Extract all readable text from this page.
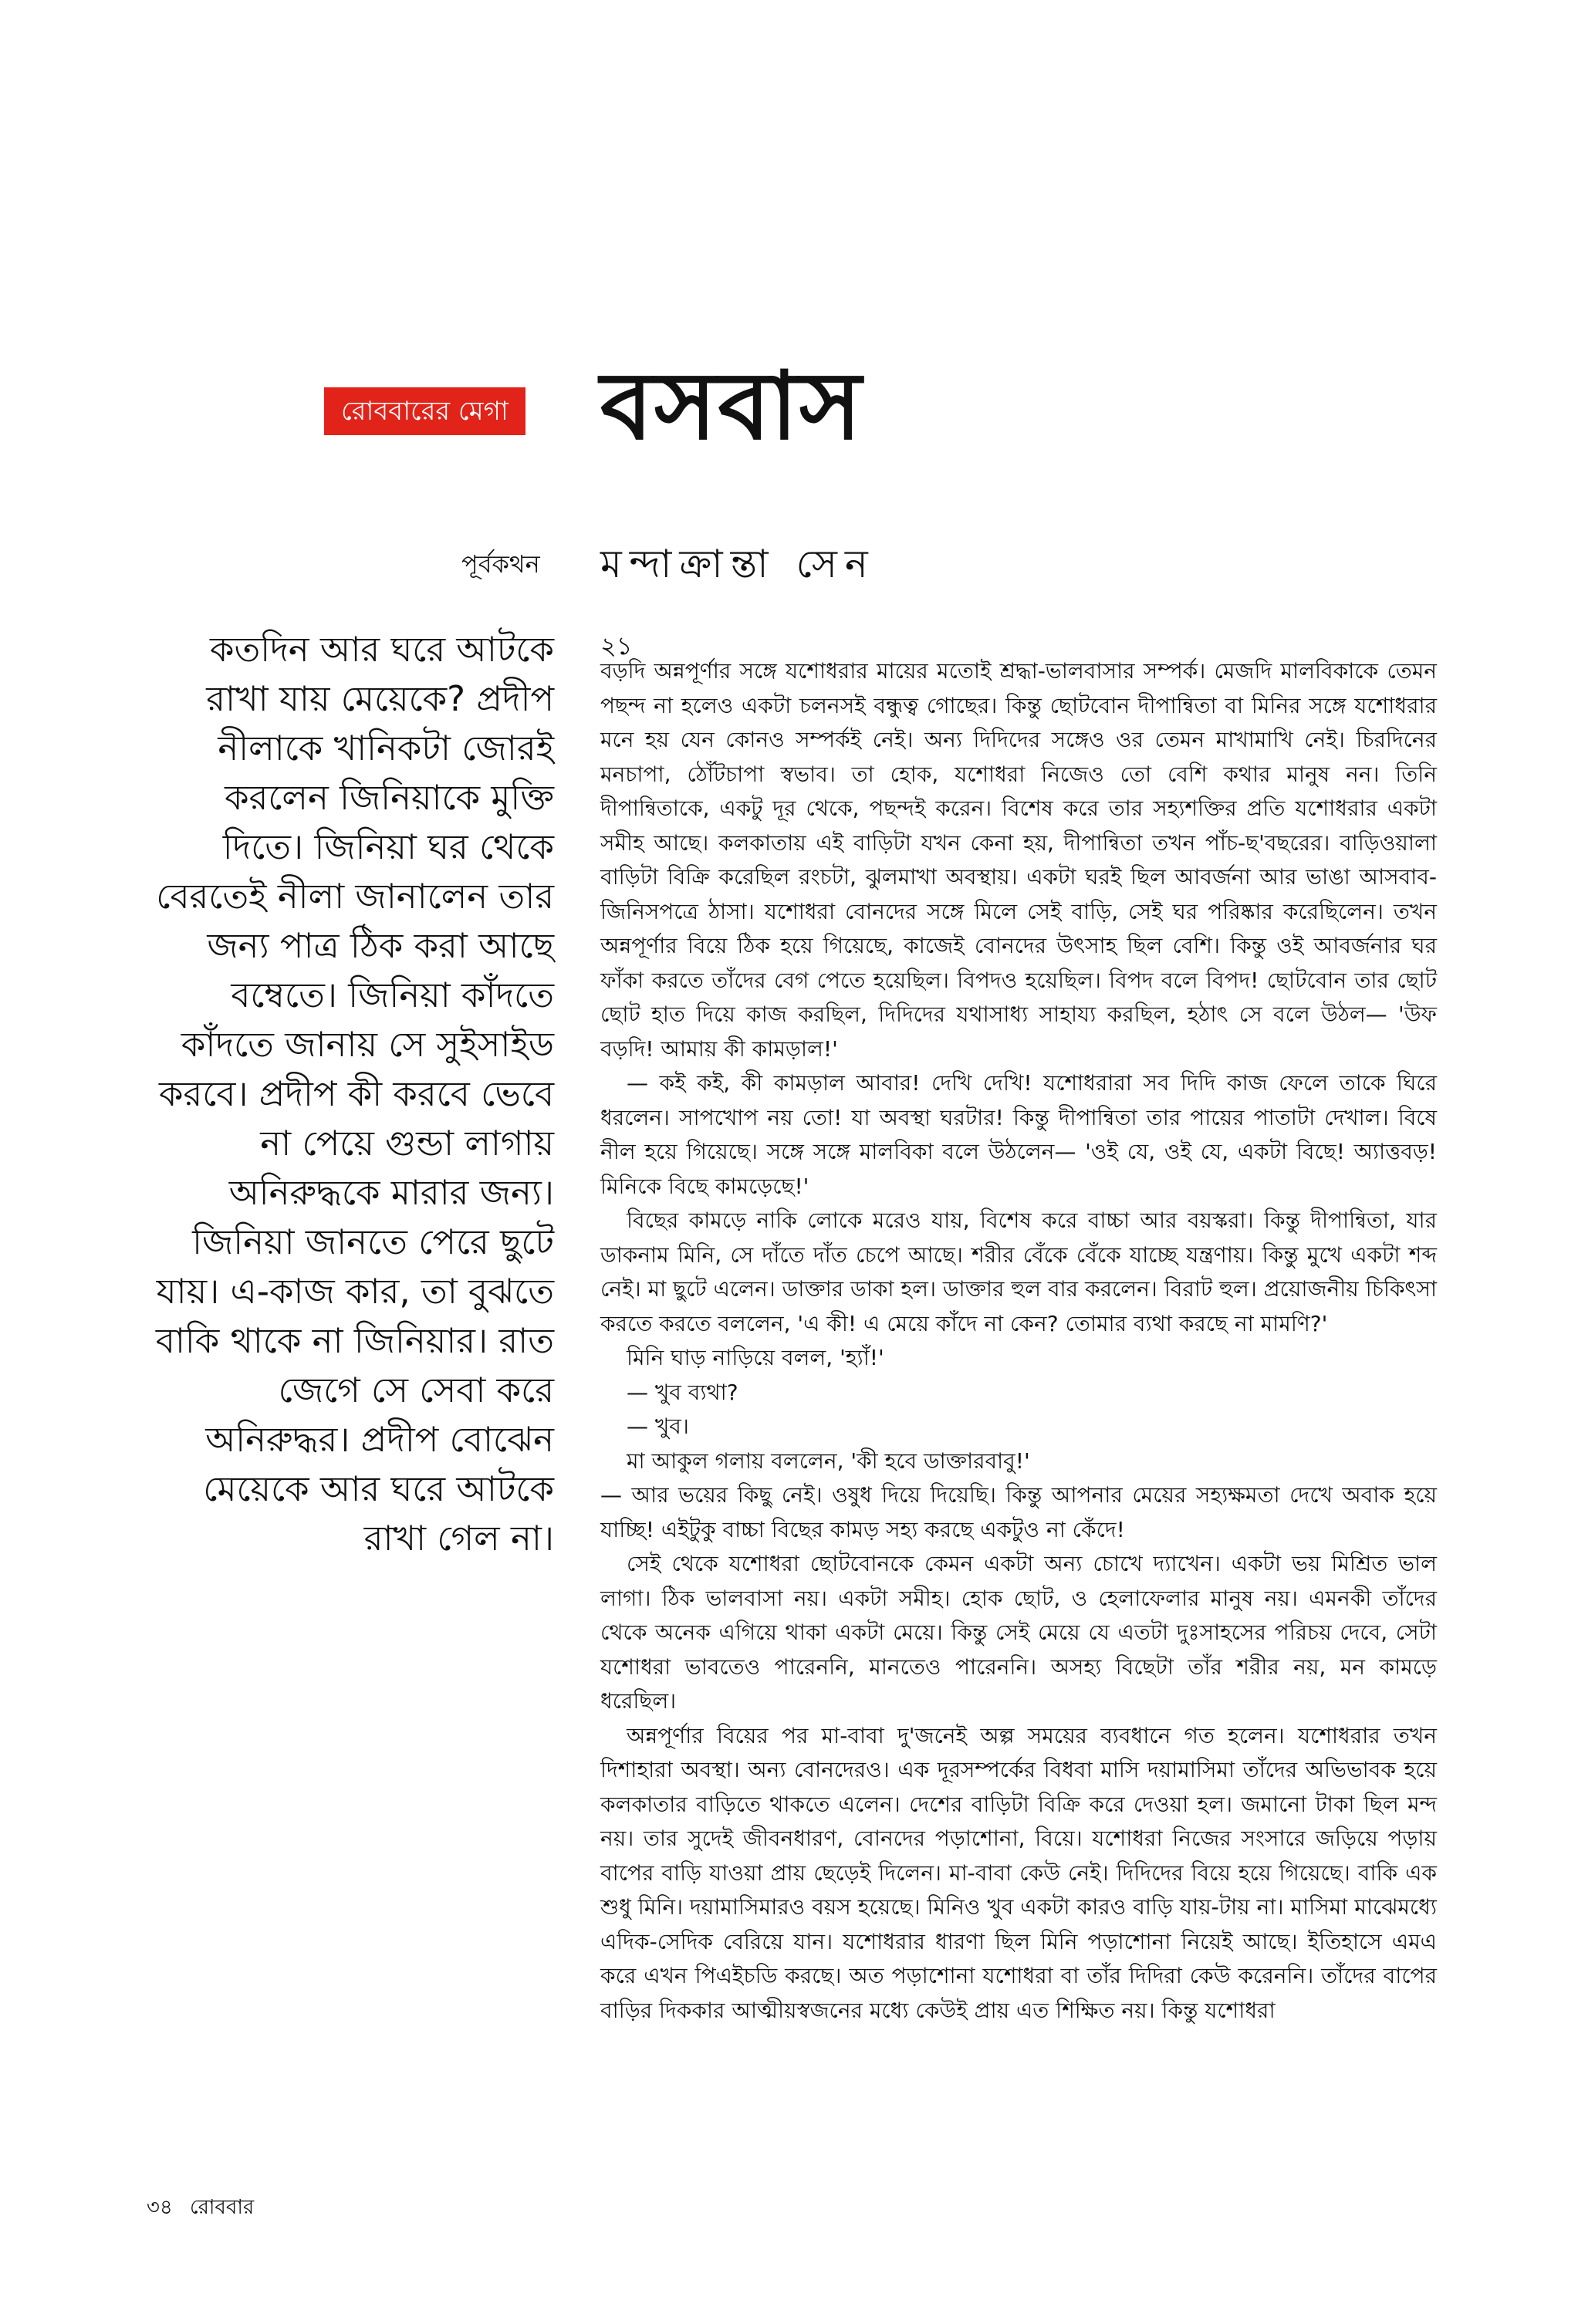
রোববারের মেগা বসবাস
পূর্বকথন মন্দাক্রান্তা সেন
কতদিন আর ঘরে আটকে রাখা যায় মেয়েকে? প্রদীপ নীলাকে খানিকটা জোরই করলেন জিনিয়াকে মুক্তি দিতে। জিনিয়া ঘর থেকে বেরতেই নীলা জানালেন তার জন্য পাত্র ঠিক করা আছে বম্বেতে। জিনিয়া কাঁদতে কাঁদতে জানায় সে সুইসাইড করবে। প্রদীপ কী করবে ভেবে না পেয়ে গুন্ডা লাগায় অনিরুদ্ধকে মারার জন্য। জিনিয়া জানতে পেরে ছুটে যায়। এ-কাজ কার, তা বুঝতে বাকি থাকে না জিনিয়ার। রাত জেগে সে সেবা করে অনিরুদ্ধর। প্রদীপ বোঝেন মেয়েকে আর ঘরে আটকে রাখা গেল না।
২১

বড়দি অন্নপূর্ণার সঙ্গে যশোধরার মায়ের মতোই শ্রদ্ধা-ভালবাসার সম্পর্ক। মেজদি মালবিকাকে তেমন পছন্দ না হলেও একটা চলনসই বন্ধুত্ব গোছের। কিন্তু ছোটবোন দীপান্বিতা বা মিনির সঙ্গে যশোধরার মনে হয় যেন কোনও সম্পর্কই নেই। অন্য দিদিদের সঙ্গেও ওর তেমন মাখামাখি নেই। চিরদিনের মনচাপা, ঠোঁটচাপা স্বভাব। তা হোক, যশোধরা নিজেও তো বেশি কথার মানুষ নন। তিনি দীপান্বিতাকে, একটু দূর থেকে, পছন্দই করেন। বিশেষ করে তার সহ্যশক্তির প্রতি যশোধরার একটা সমীহ আছে। কলকাতায় এই বাড়িটা যখন কেনা হয়, দীপান্বিতা তখন পাঁচ-ছ'বছরের। বাড়িওয়ালা বাড়িটা বিক্রি করেছিল রংচটা, ঝুলমাখা অবস্থায়। একটা ঘরই ছিল আবর্জনা আর ভাঙা আসবাব-জিনিসপত্রে ঠাসা। যশোধরা বোনদের সঙ্গে মিলে সেই বাড়ি, সেই ঘর পরিষ্কার করেছিলেন। তখন অন্নপূর্ণার বিয়ে ঠিক হয়ে গিয়েছে, কাজেই বোনদের উৎসাহ ছিল বেশি। কিন্তু ওই আবর্জনার ঘর ফাঁকা করতে তাঁদের বেগ পেতে হয়েছিল। বিপদও হয়েছিল। বিপদ বলে বিপদ! ছোটবোন তার ছোট ছোট হাত দিয়ে কাজ করছিল, দিদিদের যথাসাধ্য সাহায্য করছিল, হঠাৎ সে বলে উঠল— 'উফ বড়দি! আমায় কী কামড়াল!'

— কই কই, কী কামড়াল আবার! দেখি দেখি! যশোধরারা সব দিদি কাজ ফেলে তাকে ঘিরে ধরলেন। সাপখোপ নয় তো! যা অবস্থা ঘরটার! কিন্তু দীপান্বিতা তার পায়ের পাতাটা দেখাল। বিষে নীল হয়ে গিয়েছে। সঙ্গে সঙ্গে মালবিকা বলে উঠলেন— 'ওই যে, ওই যে, একটা বিছে! অ্যাত্তবড়! মিনিকে বিছে কামড়েছে!'

বিছের কামড়ে নাকি লোকে মরেও যায়, বিশেষ করে বাচ্চা আর বয়স্করা। কিন্তু দীপান্বিতা, যার ডাকনাম মিনি, সে দাঁতে দাঁত চেপে আছে। শরীর বেঁকে বেঁকে যাচ্ছে যন্ত্রণায়। কিন্তু মুখে একটা শব্দ নেই। মা ছুটে এলেন। ডাক্তার ডাকা হল। ডাক্তার হুল বার করলেন। বিরাট হুল। প্রয়োজনীয় চিকিৎসা করতে করতে বললেন, 'এ কী! এ মেয়ে কাঁদে না কেন? তোমার ব্যথা করছে না মামণি?'

মিনি ঘাড় নাড়িয়ে বলল, 'হ্যাঁ!'

— খুব ব্যথা?

— খুব।

মা আকুল গলায় বললেন, 'কী হবে ডাক্তারবাবু!'

— আর ভয়ের কিছু নেই। ওষুধ দিয়ে দিয়েছি। কিন্তু আপনার মেয়ের সহ্যক্ষমতা দেখে অবাক হয়ে যাচ্ছি! এইটুকু বাচ্চা বিছের কামড় সহ্য করছে একটুও না কেঁদে!

সেই থেকে যশোধরা ছোটবোনকে কেমন একটা অন্য চোখে দ্যাখেন। একটা ভয় মিশ্রিত ভাল লাগা। ঠিক ভালবাসা নয়। একটা সমীহ। হোক ছোট, ও হেলাফেলার মানুষ নয়। এমনকী তাঁদের থেকে অনেক এগিয়ে থাকা একটা মেয়ে। কিন্তু সেই মেয়ে যে এতটা দুঃসাহসের পরিচয় দেবে, সেটা যশোধরা ভাবতেও পারেননি, মানতেও পারেননি। অসহ্য বিছেটা তাঁর শরীর নয়, মন কামড়ে ধরেছিল।

অন্নপূর্ণার বিয়ের পর মা-বাবা দু'জনেই অল্প সময়ের ব্যবধানে গত হলেন। যশোধরার তখন দিশাহারা অবস্থা। অন্য বোনদেরও। এক দূরসম্পর্কের বিধবা মাসি দয়ামাসিমা তাঁদের অভিভাবক হয়ে কলকাতার বাড়িতে থাকতে এলেন। দেশের বাড়িটা বিক্রি করে দেওয়া হল। জমানো টাকা ছিল মন্দ নয়। তার সুদেই জীবনধারণ, বোনদের পড়াশোনা, বিয়ে। যশোধরা নিজের সংসারে জড়িয়ে পড়ায় বাপের বাড়ি যাওয়া প্রায় ছেড়েই দিলেন। মা-বাবা কেউ নেই। দিদিদের বিয়ে হয়ে গিয়েছে। বাকি এক শুধু মিনি। দয়ামাসিমারও বয়স হয়েছে। মিনিও খুব একটা কারও বাড়ি যায়-টায় না। মাসিমা মাঝেমধ্যে এদিক-সেদিক বেরিয়ে যান। যশোধরার ধারণা ছিল মিনি পড়াশোনা নিয়েই আছে। ইতিহাসে এমএ করে এখন পিএইচডি করছে। অত পড়াশোনা যশোধরা বা তাঁর দিদিরা কেউ করেননি। তাঁদের বাপের বাড়ির দিককার আত্মীয়স্বজনের মধ্যে কেউই প্রায় এত শিক্ষিত নয়। কিন্তু যশোধরা

৩৪ রোববার
